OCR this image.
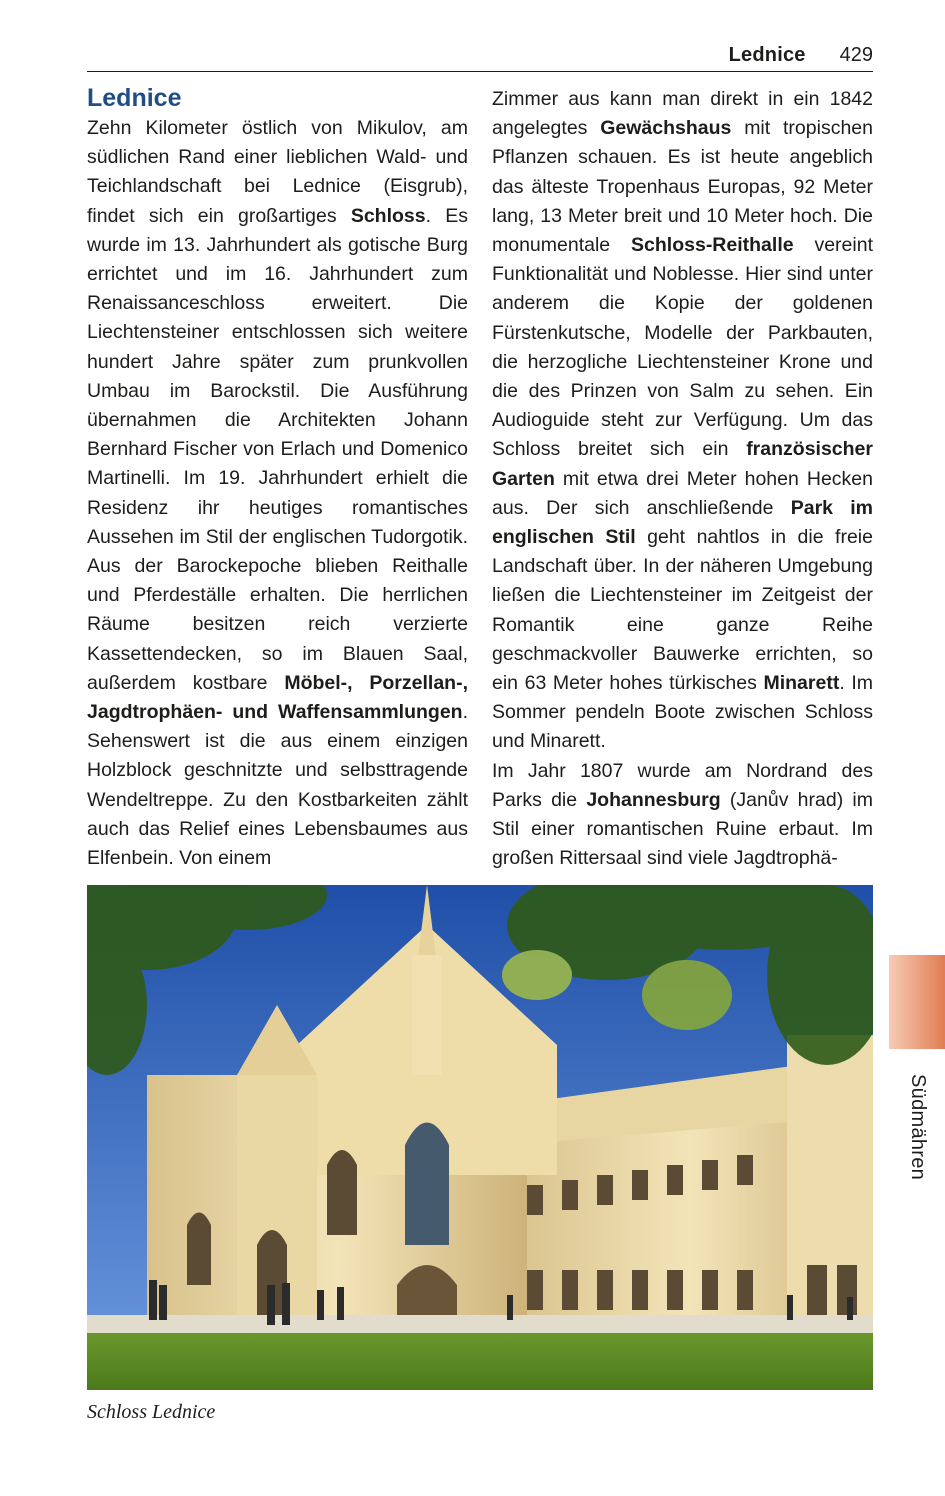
Lednice 429
Lednice

Zehn Kilometer östlich von Mikulov, am südlichen Rand einer lieblichen Wald- und Teichlandschaft bei Lednice (Eisgrub), findet sich ein großartiges Schloss. Es wurde im 13. Jahrhundert als gotische Burg errichtet und im 16. Jahrhundert zum Renaissanceschloss erweitert. Die Liechtensteiner entschlossen sich weitere hundert Jahre später zum prunkvollen Umbau im Barockstil. Die Ausführung übernahmen die Architekten Johann Bernhard Fischer von Erlach und Domenico Martinelli. Im 19. Jahrhundert erhielt die Residenz ihr heutiges romantisches Aussehen im Stil der englischen Tudorgotik. Aus der Barockepoche blieben Reithalle und Pferdeställe erhalten. Die herrlichen Räume besitzen reich verzierte Kassettendecken, so im Blauen Saal, außerdem kostbare Möbel-, Porzellan-, Jagdtrophäen- und Waffensammlungen. Sehenswert ist die aus einem einzigen Holzblock geschnitzte und selbsttragende Wendeltreppe. Zu den Kostbarkeiten zählt auch das Relief eines Lebensbaumes aus Elfenbein. Von einem

Zimmer aus kann man direkt in ein 1842 angelegtes Gewächshaus mit tropischen Pflanzen schauen. Es ist heute angeblich das älteste Tropenhaus Europas, 92 Meter lang, 13 Meter breit und 10 Meter hoch. Die monumentale Schloss-Reithalle vereint Funktionalität und Noblesse. Hier sind unter anderem die Kopie der goldenen Fürstenkutsche, Modelle der Parkbauten, die herzogliche Liechtensteiner Krone und die des Prinzen von Salm zu sehen. Ein Audioguide steht zur Verfügung. Um das Schloss breitet sich ein französischer Garten mit etwa drei Meter hohen Hecken aus. Der sich anschließende Park im englischen Stil geht nahtlos in die freie Landschaft über. In der näheren Umgebung ließen die Liechtensteiner im Zeitgeist der Romantik eine ganze Reihe geschmackvoller Bauwerke errichten, so ein 63 Meter hohes türkisches Minarett. Im Sommer pendeln Boote zwischen Schloss und Minarett.

Im Jahr 1807 wurde am Nordrand des Parks die Johannesburg (Janův hrad) im Stil einer romantischen Ruine erbaut. Im großen Rittersaal sind viele Jagdtrophä-

Schloss Lednice
Südmähren
